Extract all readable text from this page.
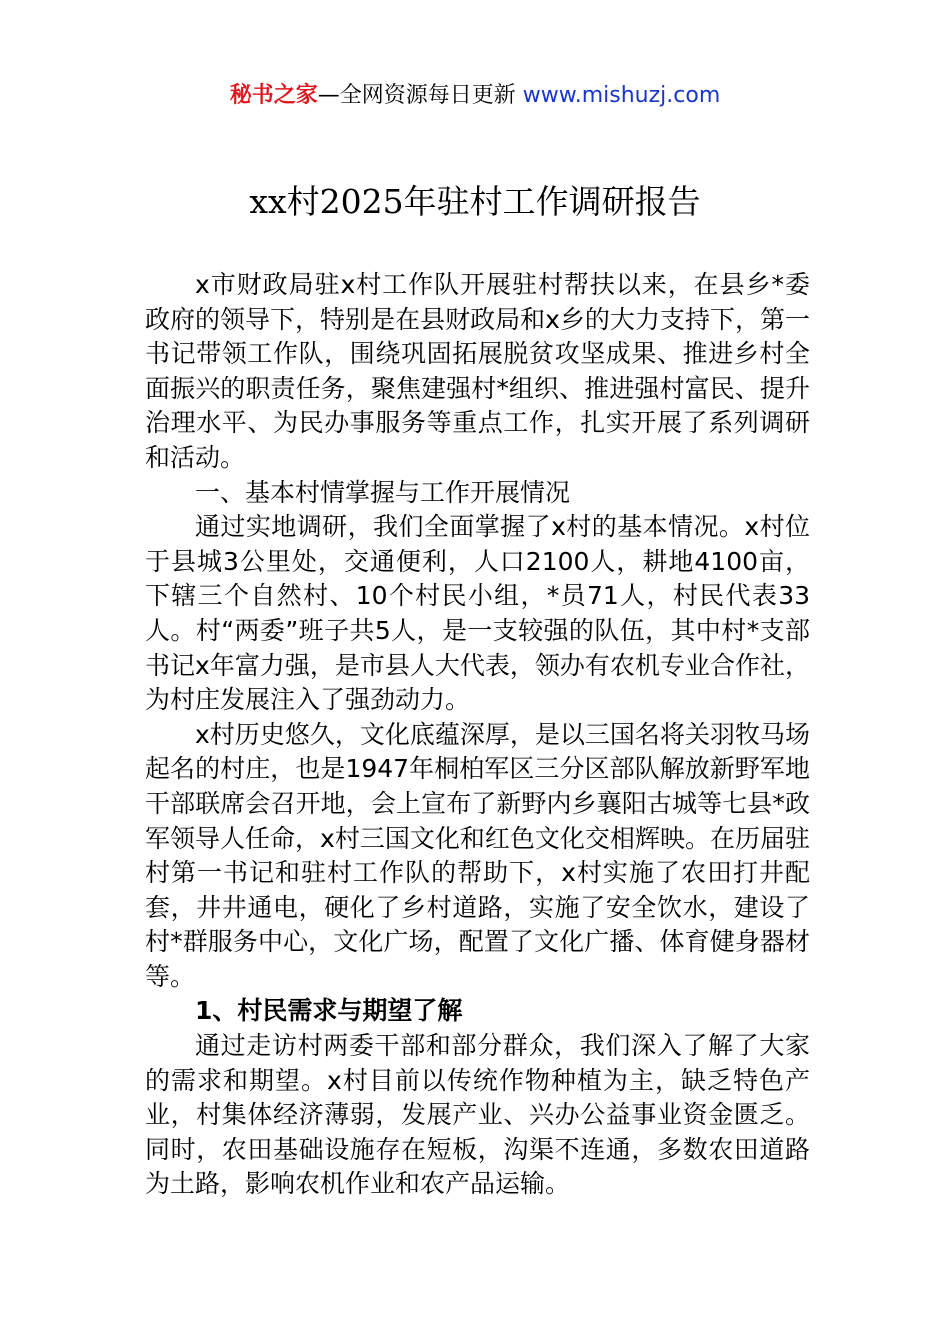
秘书之家—全网资源每日更新 www.mishuzj.com
xx村2025年驻村工作调研报告

x市财政局驻x村工作队开展驻村帮扶以来，在县乡*委政府的领导下，特别是在县财政局和x乡的大力支持下，第一书记带领工作队，围绕巩固拓展脱贫攻坚成果、推进乡村全面振兴的职责任务，聚焦建强村*组织、推进强村富民、提升治理水平、为民办事服务等重点工作，扎实开展了系列调研和活动。

一、基本村情掌握与工作开展情况

通过实地调研，我们全面掌握了x村的基本情况。x村位于县城3公里处，交通便利，人口2100人，耕地4100亩，下辖三个自然村、10个村民小组，*员71人，村民代表33人。村“两委”班子共5人，是一支较强的队伍，其中村*支部书记x年富力强，是市县人大代表，领办有农机专业合作社，为村庄发展注入了强劲动力。

x村历史悠久，文化底蕴深厚，是以三国名将关羽牧马场起名的村庄，也是1947年桐柏军区三分区部队解放新野军地干部联席会召开地，会上宣布了新野内乡襄阳古城等七县*政军领导人任命，x村三国文化和红色文化交相辉映。在历届驻村第一书记和驻村工作队的帮助下，x村实施了农田打井配套，井井通电，硬化了乡村道路，实施了安全饮水，建设了村*群服务中心，文化广场，配置了文化广播、体育健身器材等。

1、村民需求与期望了解

通过走访村两委干部和部分群众，我们深入了解了大家的需求和期望。x村目前以传统作物种植为主，缺乏特色产业，村集体经济薄弱，发展产业、兴办公益事业资金匮乏。同时，农田基础设施存在短板，沟渠不连通，多数农田道路为土路，影响农机作业和农产品运输。
